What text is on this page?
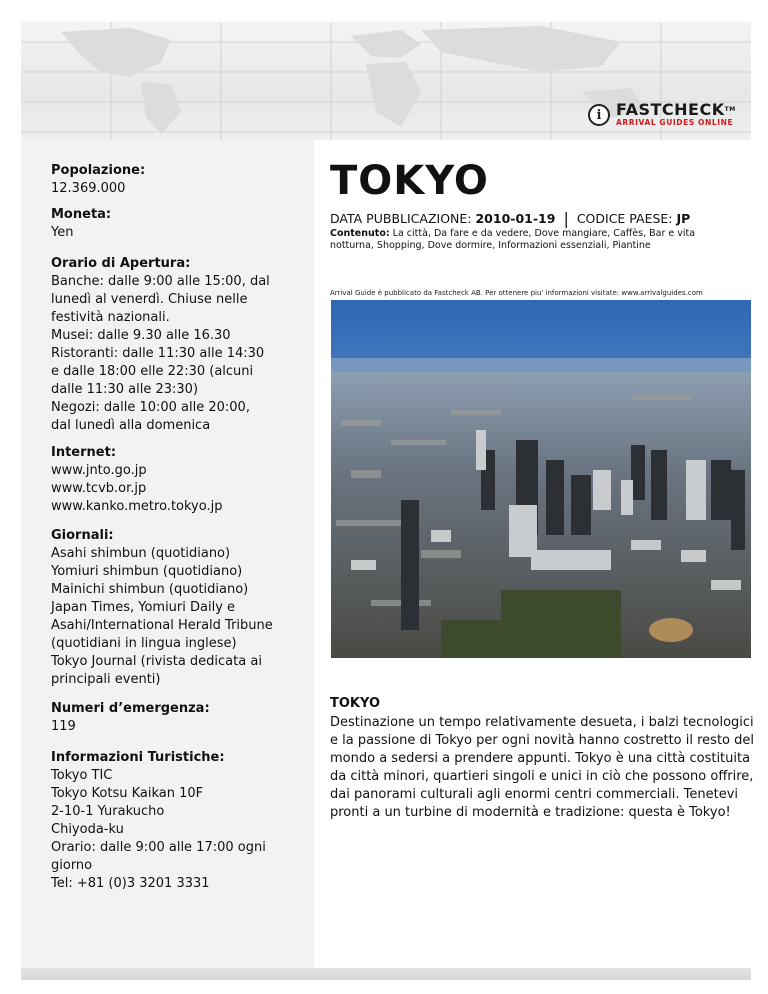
i FASTCHECK™
ARRIVAL GUIDES ONLINE
Popolazione:
12.369.000
Moneta:
Yen
Orario di Apertura:
Banche: dalle 9:00 alle 15:00, dal
lunedì al venerdì. Chiuse nelle
festività nazionali.
Musei: dalle 9.30 alle 16.30
Ristoranti: dalle 11:30 alle 14:30
e dalle 18:00 elle 22:30 (alcuni
dalle 11:30 alle 23:30)
Negozi: dalle 10:00 alle 20:00,
dal lunedì alla domenica
Internet:
www.jnto.go.jp
www.tcvb.or.jp
www.kanko.metro.tokyo.jp
Giornali:
Asahi shimbun (quotidiano)
Yomiuri shimbun (quotidiano)
Mainichi shimbun (quotidiano)
Japan Times, Yomiuri Daily e
Asahi/International Herald Tribune
(quotidiani in lingua inglese)
Tokyo Journal (rivista dedicata ai
principali eventi)
Numeri d’emergenza:
119
Informazioni Turistiche:
Tokyo TIC
Tokyo Kotsu Kaikan 10F
2-10-1 Yurakucho
Chiyoda-ku
Orario: dalle 9:00 alle 17:00 ogni
giorno
Tel: +81 (0)3 3201 3331
TOKYO
DATA PUBBLICAZIONE: 2010-01-19 | CODICE PAESE: JP
Contenuto: La città, Da fare e da vedere, Dove mangiare, Caffès, Bar e vita notturna, Shopping, Dove dormire, Informazioni essenziali, Piantine
Arrival Guide è pubblicato da Fastcheck AB. Per ottenere piu' informazioni visitate: www.arrivalguides.com
TOKYO
Destinazione un tempo relativamente desueta, i balzi tecnologici e la passione di Tokyo per ogni novità hanno costretto il resto del mondo a sedersi a prendere appunti. Tokyo è una città costituita da città minori, quartieri singoli e unici in ciò che possono offrire, dai panorami culturali agli enormi centri commerciali. Tenetevi pronti a un turbine di modernità e tradizione: questa è Tokyo!
